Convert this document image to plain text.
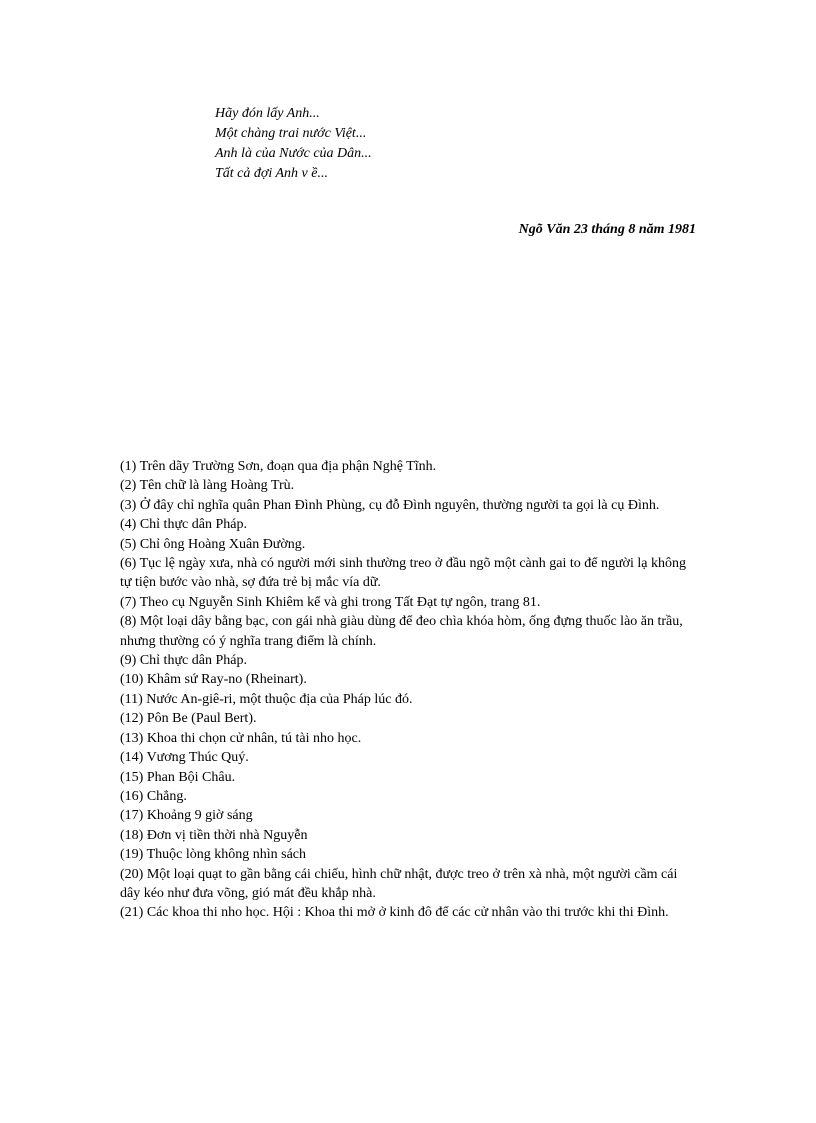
Hãy đón lấy Anh...
Một chàng trai nước Việt...
Anh là của Nước của Dân...
Tất cả đợi Anh v ề...
Ngõ Văn 23 tháng 8 năm 1981
(1) Trên dãy Trường Sơn, đoạn qua địa phận Nghệ Tĩnh.
(2) Tên chữ là làng Hoàng Trù.
(3) Ở đây chỉ nghĩa quân Phan Đình Phùng, cụ đỗ Đình nguyên, thường người ta gọi là cụ Đình.
(4) Chỉ thực dân Pháp.
(5) Chỉ ông Hoàng Xuân Đường.
(6) Tục lệ ngày xưa, nhà có người mới sinh thường treo ở đầu ngõ một cành gai to để người lạ không tự tiện bước vào nhà, sợ đứa trẻ bị mắc vía dữ.
(7) Theo cụ Nguyễn Sinh Khiêm kể và ghi trong Tất Đạt tự ngôn, trang 81.
(8) Một loại dây bằng bạc, con gái nhà giàu dùng để đeo chìa khóa hòm, ống đựng thuốc lào ăn trầu, nhưng thường có ý nghĩa trang điểm là chính.
(9) Chỉ thực dân Pháp.
(10) Khâm sứ Ray-no (Rheinart).
(11) Nước An-giê-ri, một thuộc địa của Pháp lúc đó.
(12) Pôn Be (Paul Bert).
(13) Khoa thi chọn cử nhân, tú tài nho học.
(14) Vương Thúc Quý.
(15) Phan Bội Châu.
(16) Chẳng.
(17) Khoảng 9 giờ sáng
(18) Đơn vị tiền thời nhà Nguyễn
(19) Thuộc lòng không nhìn sách
(20) Một loại quạt to gần bằng cái chiếu, hình chữ nhật, được treo ở trên xà nhà, một người cầm cái dây kéo như đưa võng, gió mát đều khắp nhà.
(21) Các khoa thi nho học. Hội : Khoa thi mở ở kinh đô để các cử nhân vào thi trước khi thi Đình.
